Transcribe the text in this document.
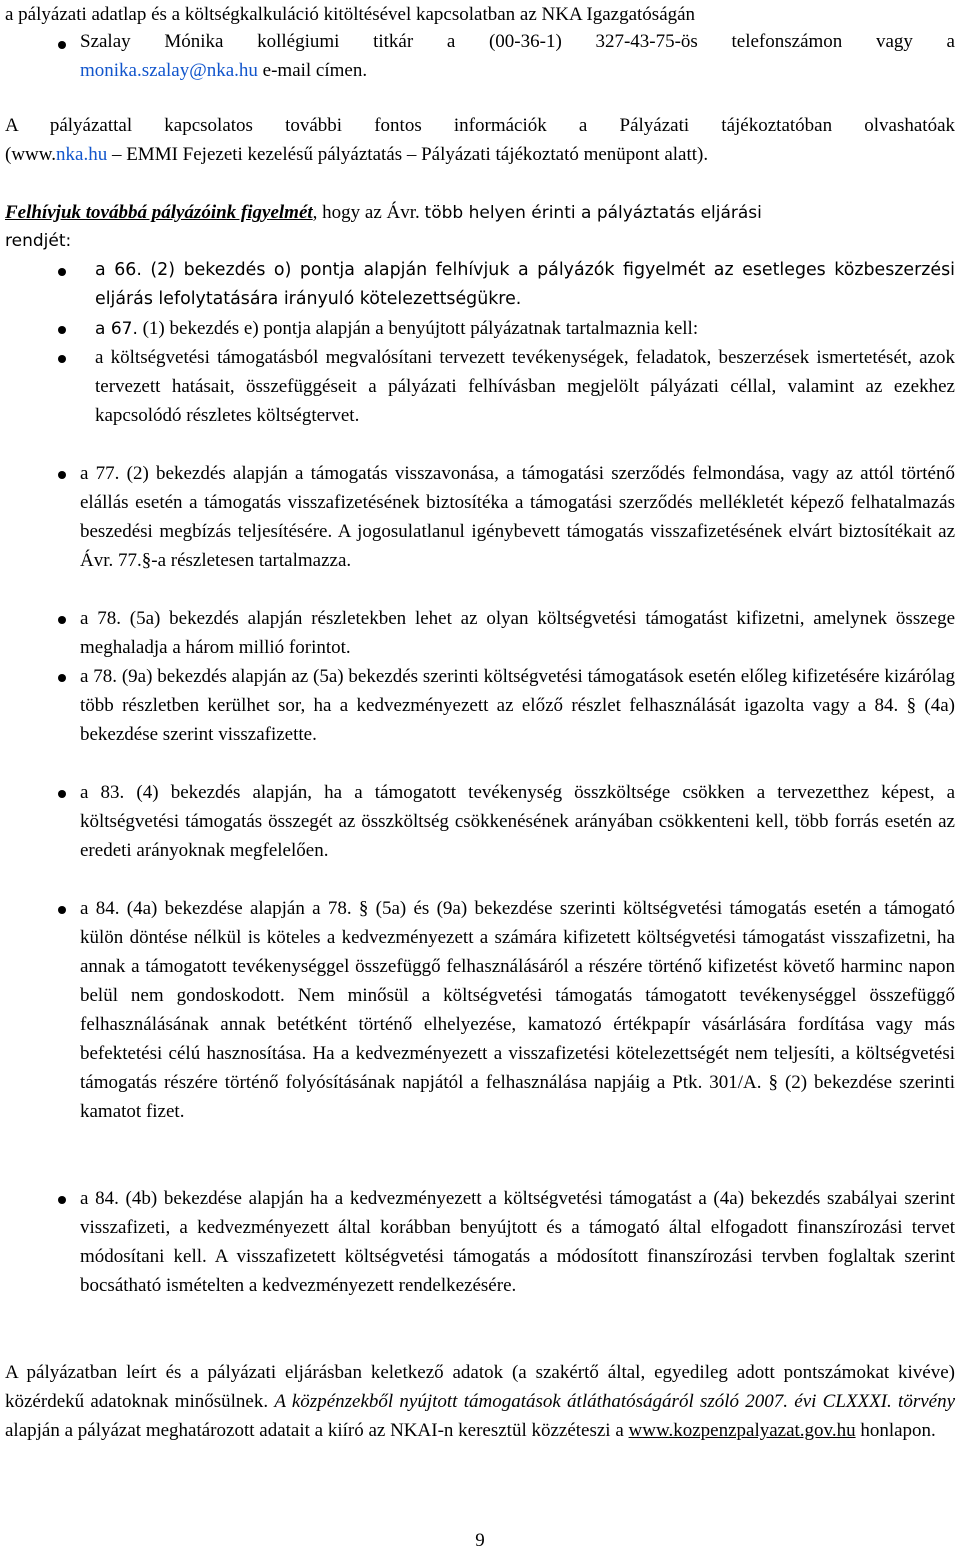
a pályázati adatlap és a költségkalkuláció kitöltésével kapcsolatban az NKA Igazgatóságán

Szalay Mónika kollégiumi titkár a (00-36-1) 327-43-75-ös telefonszámon vagy a

monika.szalay@nka.hu e-mail címen.

A pályázattal kapcsolatos további fontos információk a Pályázati tájékoztatóban olvashatóak

(www.nka.hu – EMMI Fejezeti kezelésű pályáztatás – Pályázati tájékoztató menüpont alatt).

Felhívjuk továbbá pályázóink figyelmét, hogy az Ávr. több helyen érinti a pályáztatás eljárási

rendjét:

a 66. (2) bekezdés o) pontja alapján felhívjuk a pályázók figyelmét az esetleges közbeszerzési eljárás lefolytatására irányuló kötelezettségükre.

a 67. (1) bekezdés e) pontja alapján a benyújtott pályázatnak tartalmaznia kell:

a költségvetési támogatásból megvalósítani tervezett tevékenységek, feladatok, beszerzések ismertetését, azok tervezett hatásait, összefüggéseit a pályázati felhívásban megjelölt pályázati céllal, valamint az ezekhez kapcsolódó részletes költségtervet.

a 77. (2) bekezdés alapján a támogatás visszavonása, a támogatási szerződés felmondása, vagy az attól történő elállás esetén a támogatás visszafizetésének biztosítéka a támogatási szerződés mellékletét képező felhatalmazás beszedési megbízás teljesítésére. A jogosulatlanul igénybevett támogatás visszafizetésének elvárt biztosítékait az Ávr. 77.§-a részletesen tartalmazza.

a 78. (5a) bekezdés alapján részletekben lehet az olyan költségvetési támogatást kifizetni, amelynek összege meghaladja a három millió forintot.

a 78. (9a) bekezdés alapján az (5a) bekezdés szerinti költségvetési támogatások esetén előleg kifizetésére kizárólag több részletben kerülhet sor, ha a kedvezményezett az előző részlet felhasználását igazolta vagy a 84. § (4a) bekezdése szerint visszafizette.

a 83. (4) bekezdés alapján, ha a támogatott tevékenység összköltsége csökken a tervezetthez képest, a költségvetési támogatás összegét az összköltség csökkenésének arányában csökkenteni kell, több forrás esetén az eredeti arányoknak megfelelően.

a 84. (4a) bekezdése alapján a 78. § (5a) és (9a) bekezdése szerinti költségvetési támogatás esetén a támogató külön döntése nélkül is köteles a kedvezményezett a számára kifizetett költségvetési támogatást visszafizetni, ha annak a támogatott tevékenységgel összefüggő felhasználásáról a részére történő kifizetést követő harminc napon belül nem gondoskodott. Nem minősül a költségvetési támogatás támogatott tevékenységgel összefüggő felhasználásának annak betétként történő elhelyezése, kamatozó értékpapír vásárlására fordítása vagy más befektetési célú hasznosítása. Ha a kedvezményezett a visszafizetési kötelezettségét nem teljesíti, a költségvetési támogatás részére történő folyósításának napjától a felhasználása napjáig a Ptk. 301/A. § (2) bekezdése szerinti kamatot fizet.

a 84. (4b) bekezdése alapján ha a kedvezményezett a költségvetési támogatást a (4a) bekezdés szabályai szerint visszafizeti, a kedvezményezett által korábban benyújtott és a támogató által elfogadott finanszírozási tervet módosítani kell. A visszafizetett költségvetési támogatás a módosított finanszírozási tervben foglaltak szerint bocsátható ismételten a kedvezményezett rendelkezésére.

A pályázatban leírt és a pályázati eljárásban keletkező adatok (a szakértő által, egyedileg adott pontszámokat kivéve) közérdekű adatoknak minősülnek. A közpénzekből nyújtott támogatások átláthatóságáról szóló 2007. évi CLXXXI. törvény alapján a pályázat meghatározott adatait a kiíró az NKAI-n keresztül közzéteszi a www.kozpenzpalyazat.gov.hu honlapon.

9
